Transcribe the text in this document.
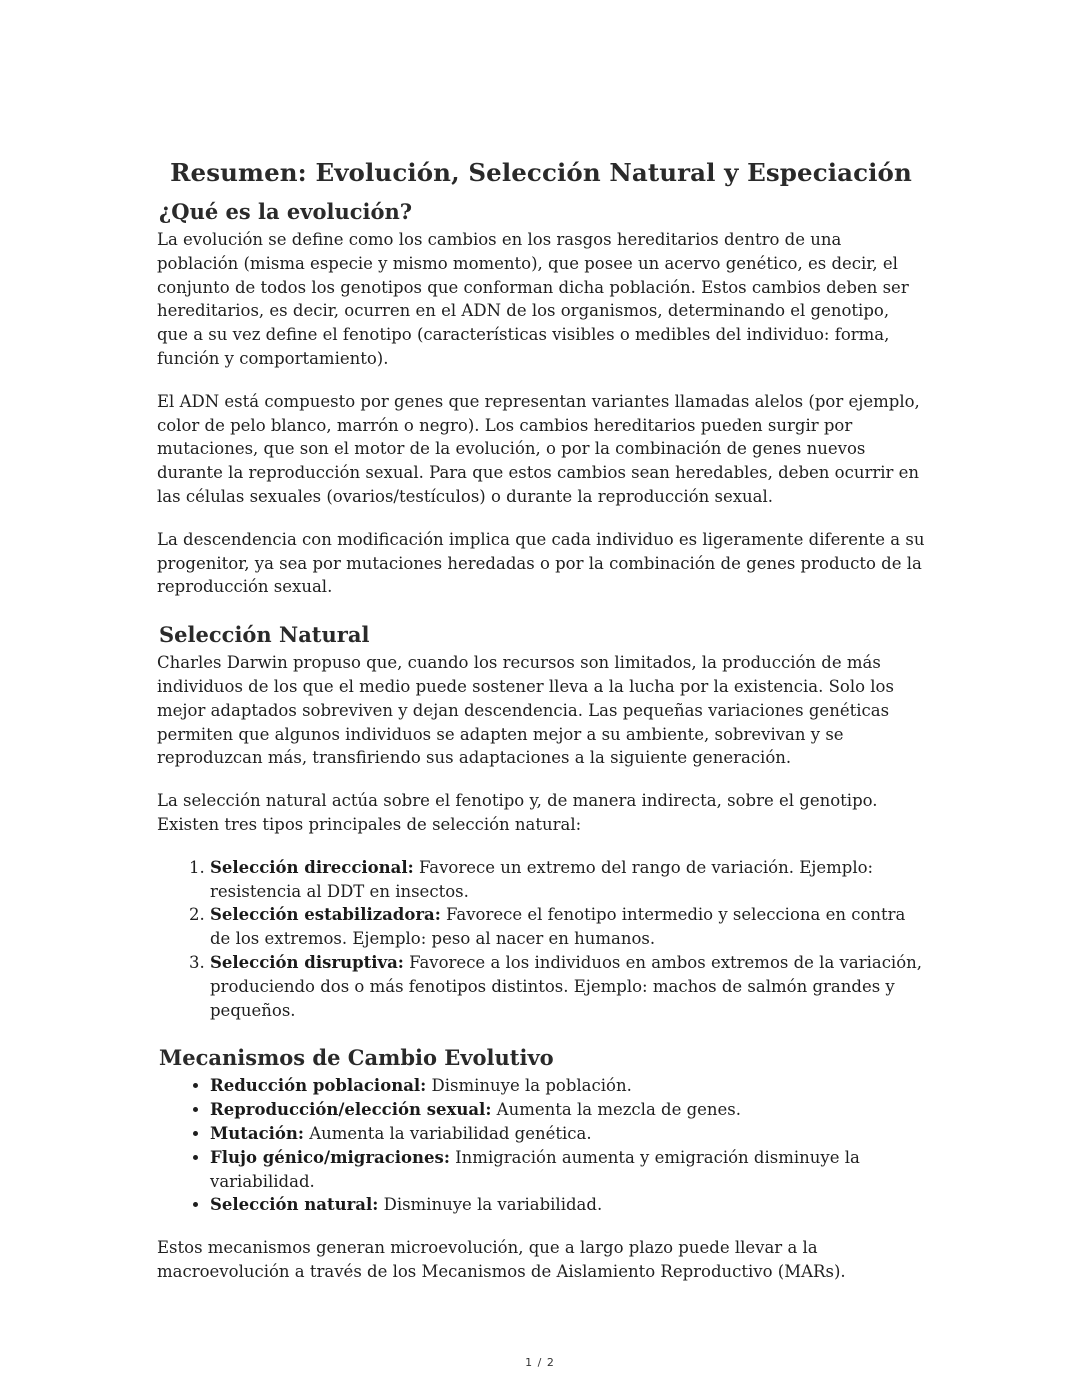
Resumen: Evolución, Selección Natural y Especiación
¿Qué es la evolución?

La evolución se define como los cambios en los rasgos hereditarios dentro de una población (misma especie y mismo momento), que posee un acervo genético, es decir, el conjunto de todos los genotipos que conforman dicha población. Estos cambios deben ser hereditarios, es decir, ocurren en el ADN de los organismos, determinando el genotipo, que a su vez define el fenotipo (características visibles o medibles del individuo: forma, función y comportamiento).

El ADN está compuesto por genes que representan variantes llamadas alelos (por ejemplo, color de pelo blanco, marrón o negro). Los cambios hereditarios pueden surgir por mutaciones, que son el motor de la evolución, o por la combinación de genes nuevos durante la reproducción sexual. Para que estos cambios sean heredables, deben ocurrir en las células sexuales (ovarios/testículos) o durante la reproducción sexual.

La descendencia con modificación implica que cada individuo es ligeramente diferente a su progenitor, ya sea por mutaciones heredadas o por la combinación de genes producto de la reproducción sexual.

Selección Natural

Charles Darwin propuso que, cuando los recursos son limitados, la producción de más individuos de los que el medio puede sostener lleva a la lucha por la existencia. Solo los mejor adaptados sobreviven y dejan descendencia. Las pequeñas variaciones genéticas permiten que algunos individuos se adapten mejor a su ambiente, sobrevivan y se reproduzcan más, transfiriendo sus adaptaciones a la siguiente generación.

La selección natural actúa sobre el fenotipo y, de manera indirecta, sobre el genotipo. Existen tres tipos principales de selección natural:

1. Selección direccional: Favorece un extremo del rango de variación. Ejemplo: resistencia al DDT en insectos.
2. Selección estabilizadora: Favorece el fenotipo intermedio y selecciona en contra de los extremos. Ejemplo: peso al nacer en humanos.
3. Selección disruptiva: Favorece a los individuos en ambos extremos de la variación, produciendo dos o más fenotipos distintos. Ejemplo: machos de salmón grandes y pequeños.
Mecanismos de Cambio Evolutivo
• Reducción poblacional: Disminuye la población.
• Reproducción/elección sexual: Aumenta la mezcla de genes.
• Mutación: Aumenta la variabilidad genética.
• Flujo génico/migraciones: Inmigración aumenta y emigración disminuye la variabilidad.
• Selección natural: Disminuye la variabilidad.

Estos mecanismos generan microevolución, que a largo plazo puede llevar a la macroevolución a través de los Mecanismos de Aislamiento Reproductivo (MARs).

1 / 2
